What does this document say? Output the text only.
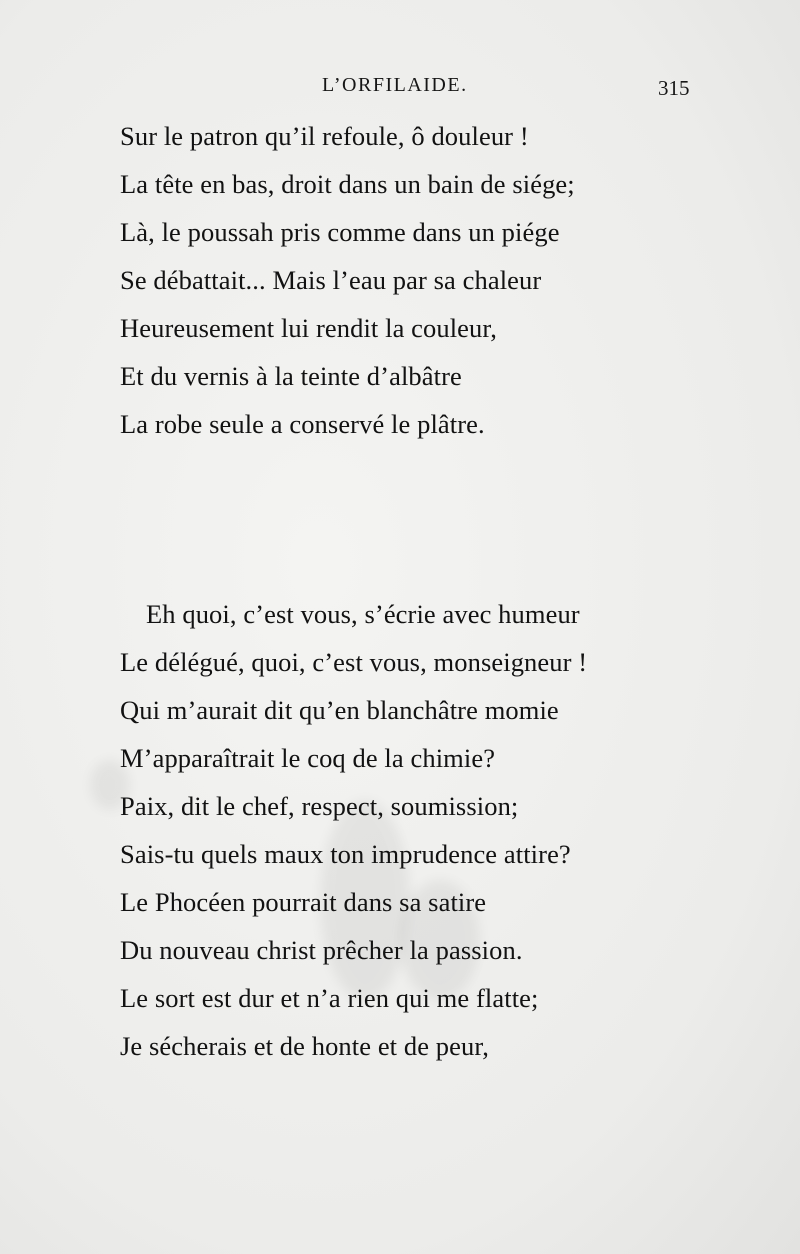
L’ORFILAIDE.	315
Sur le patron qu’il refoule, ô douleur !
La tête en bas, droit dans un bain de siége;
Là, le poussah pris comme dans un piége
Se débattait... Mais l’eau par sa chaleur
Heureusement lui rendit la couleur,
Et du vernis à la teinte d’albâtre
La robe seule a conservé le plâtre.
Eh quoi, c’est vous, s’écrie avec humeur
Le délégué, quoi, c’est vous, monseigneur !
Qui m’aurait dit qu’en blanchâtre momie
M’apparaîtrait le coq de la chimie?
Paix, dit le chef, respect, soumission;
Sais-tu quels maux ton imprudence attire?
Le Phocéen pourrait dans sa satire
Du nouveau christ prêcher la passion.
Le sort est dur et n’a rien qui me flatte;
Je sécherais et de honte et de peur,
